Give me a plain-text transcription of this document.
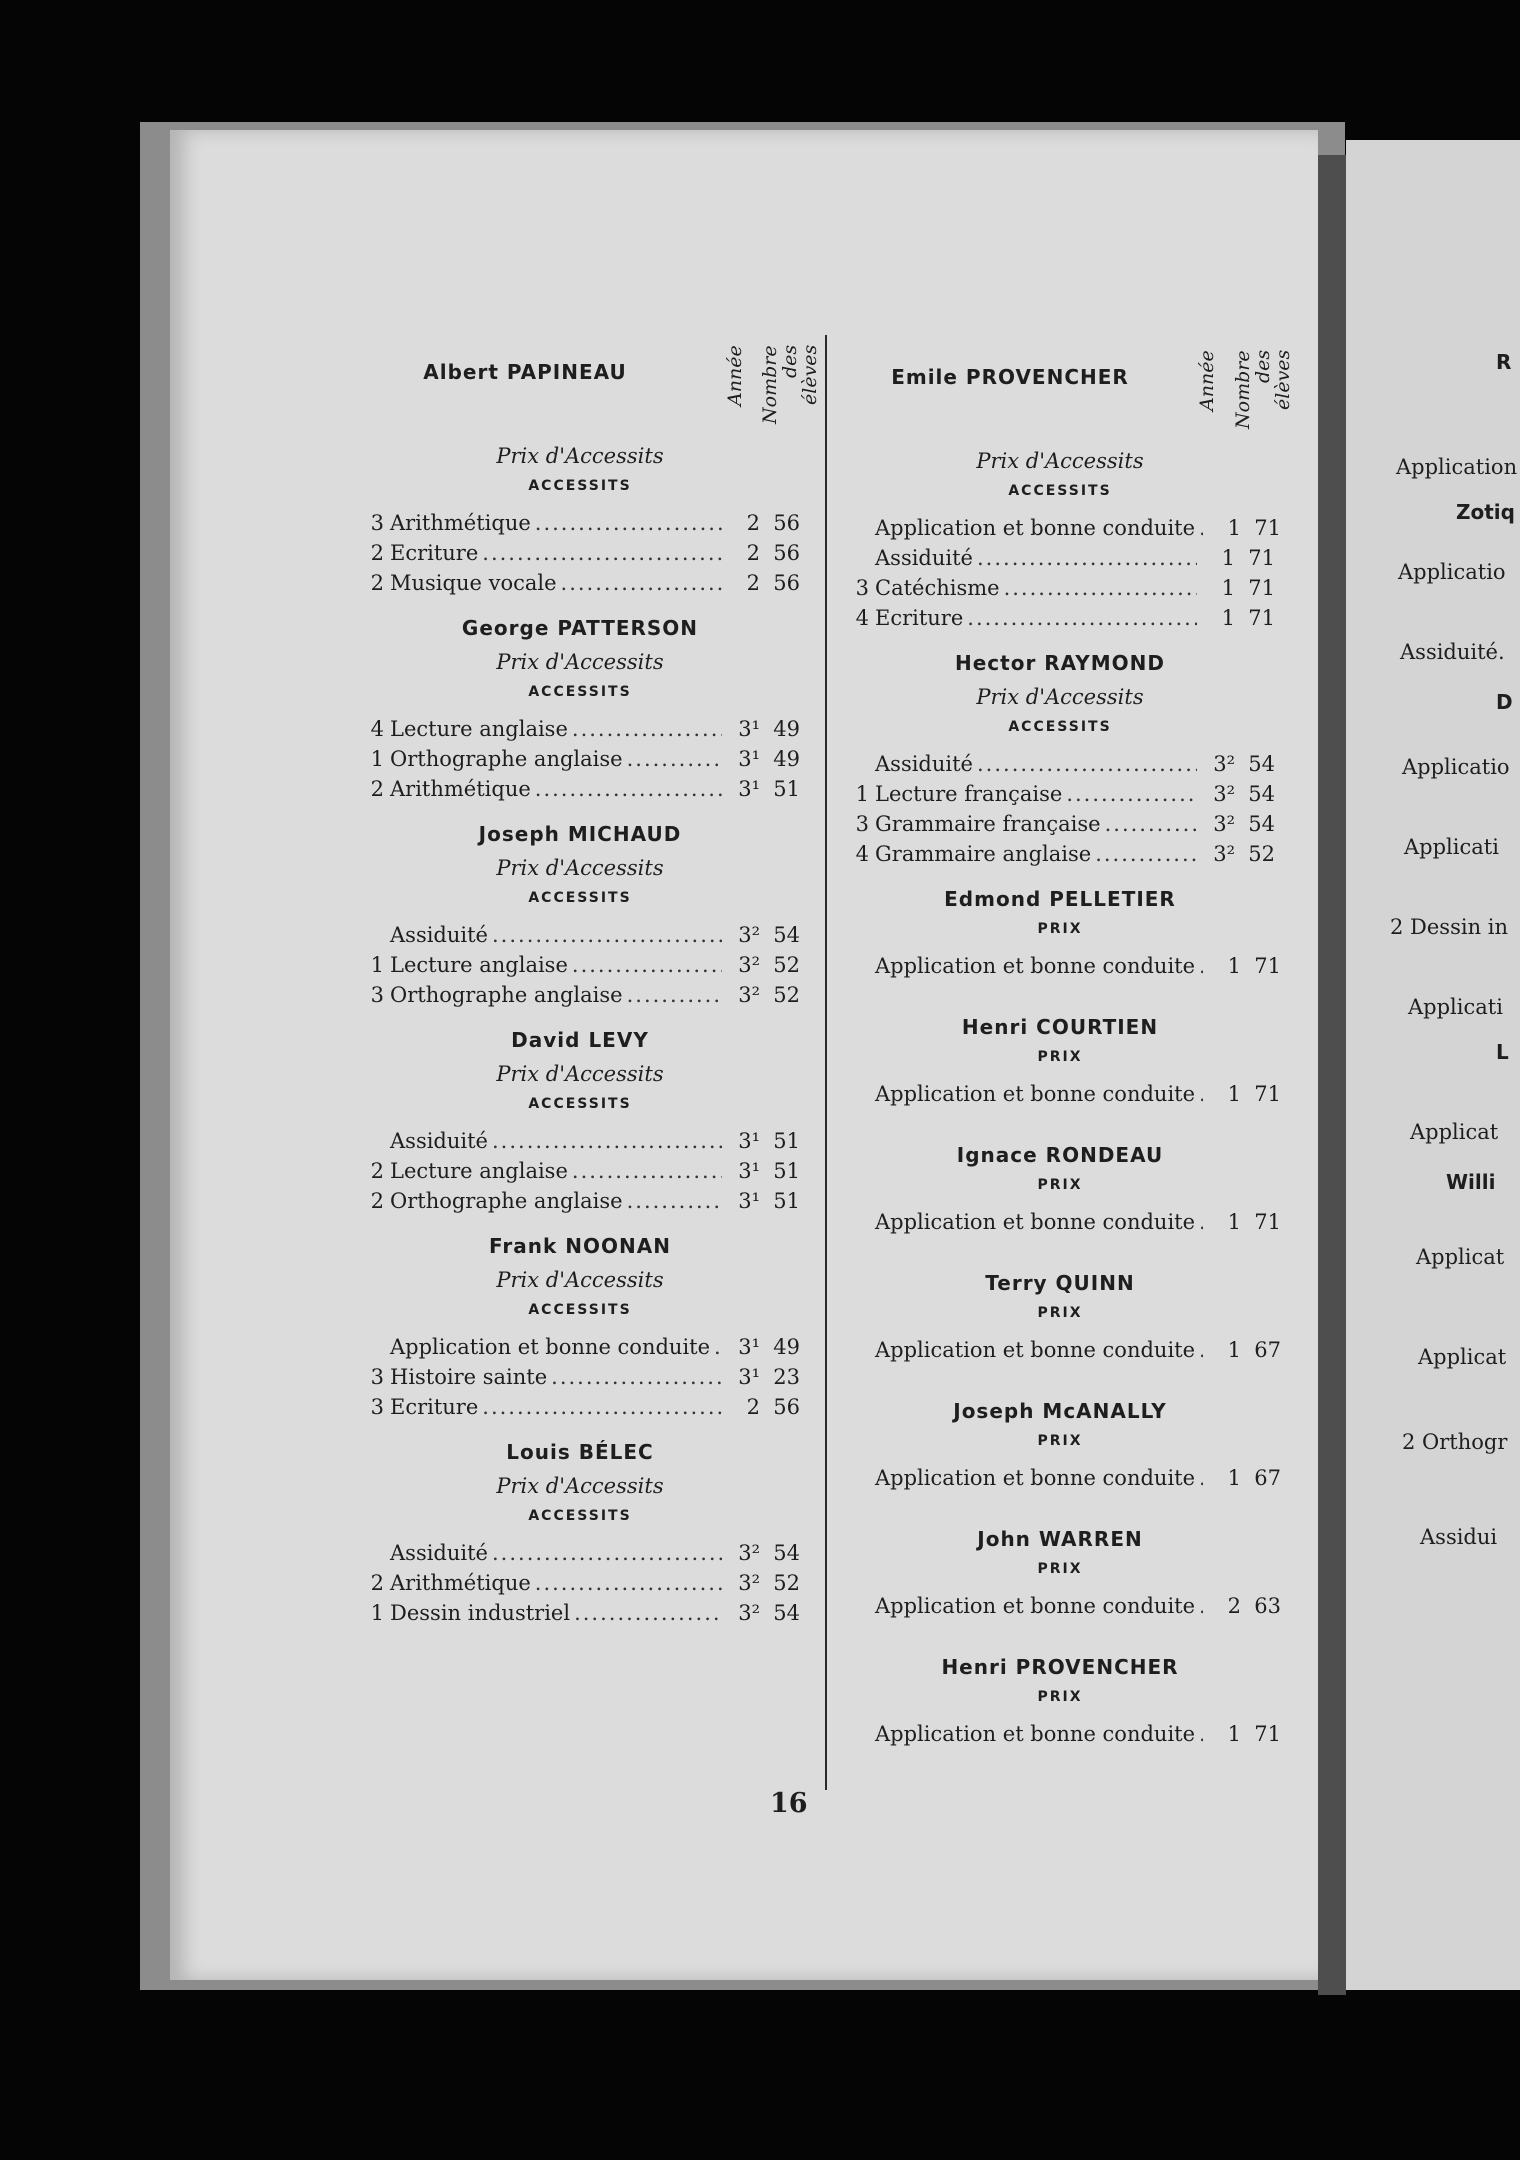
R
Application
Zotiq
Applicatio
Assiduité.
D
Applicatio
Applicati
2 Dessin in
Applicati
L
Applicat
Willi
Applicat
Applicat
2 Orthogr
Assidui
Albert PAPINEAU	Année Nombre des élèves
Prix d'Accessits
ACCESSITS
3 Arithmétique .....	2 56
2 Ecriture .....	2 56
2 Musique vocale .....	2 56
George PATTERSON
Prix d'Accessits
ACCESSITS
4 Lecture anglaise .....	3¹ 49
1 Orthographe anglaise .....	3¹ 49
2 Arithmétique .....	3¹ 51
Joseph MICHAUD
Prix d'Accessits
ACCESSITS
Assiduité .....	3² 54
1 Lecture anglaise .....	3² 52
3 Orthographe anglaise .....	3² 52
David LEVY
Prix d'Accessits
ACCESSITS
Assiduité .....	3¹ 51
2 Lecture anglaise .....	3¹ 51
2 Orthographe anglaise .....	3¹ 51
Frank NOONAN
Prix d'Accessits
ACCESSITS
Application et bonne conduite .....	3¹ 49
3 Histoire sainte .....	3¹ 23
3 Ecriture .....	2 56
Louis BÉLEC
Prix d'Accessits
ACCESSITS
Assiduité .....	3² 54
2 Arithmétique .....	3² 52
1 Dessin industriel .....	3² 54
Emile PROVENCHER	Année Nombre des élèves
Prix d'Accessits
ACCESSITS
Application et bonne conduite .....	1 71
Assiduité .....	1 71
3 Catéchisme .....	1 71
4 Ecriture .....	1 71
Hector RAYMOND
Prix d'Accessits
ACCESSITS
Assiduité .....	3² 54
1 Lecture française .....	3² 54
3 Grammaire française .....	3² 54
4 Grammaire anglaise .....	3² 52
Edmond PELLETIER
PRIX
Application et bonne conduite .....	1 71
Henri COURTIEN
PRIX
Application et bonne conduite .....	1 71
Ignace RONDEAU
PRIX
Application et bonne conduite .....	1 71
Terry QUINN
PRIX
Application et bonne conduite .....	1 67
Joseph McANALLY
PRIX
Application et bonne conduite .....	1 67
John WARREN
PRIX
Application et bonne conduite .....	2 63
Henri PROVENCHER
PRIX
Application et bonne conduite .....	1 71
16
